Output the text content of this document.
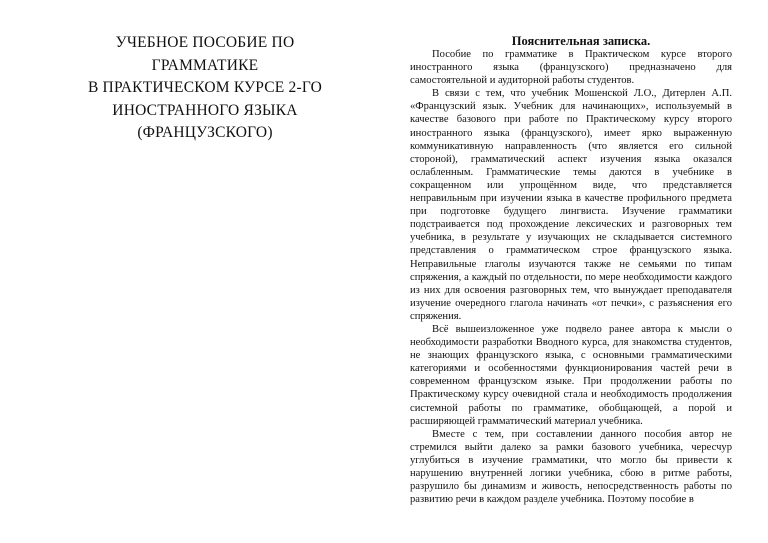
УЧЕБНОЕ ПОСОБИЕ ПО
ГРАММАТИКЕ
В ПРАКТИЧЕСКОМ КУРСЕ 2-ГО
ИНОСТРАННОГО ЯЗЫКА
(ФРАНЦУЗСКОГО)
Пояснительная записка.

Пособие по грамматике в Практическом курсе второго иностранного языка (французского) предназначено для самостоятельной и аудиторной работы студентов.

В связи с тем, что учебник Мошенской Л.О., Дитерлен А.П. «Французский язык. Учебник для начинающих», используемый в качестве базового при работе по Практическому курсу второго иностранного языка (французского), имеет ярко выраженную коммуникативную направленность (что является его сильной стороной), грамматический аспект изучения языка оказался ослабленным. Грамматические темы даются в учебнике в сокращенном или упрощённом виде, что представляется неправильным при изучении языка в качестве профильного предмета при подготовке будущего лингвиста. Изучение грамматики подстраивается под прохождение лексических и разговорных тем учебника, в результате у изучающих не складывается системного представления о грамматическом строе французского языка. Неправильные глаголы изучаются также не семьями по типам спряжения, а каждый по отдельности, по мере необходимости каждого из них для освоения разговорных тем, что вынуждает преподавателя изучение очередного глагола начинать «от печки», с разъяснения его спряжения.

Всё вышеизложенное уже подвело ранее автора к мысли о необходимости разработки Вводного курса, для знакомства студентов, не знающих французского языка, с основными грамматическими категориями и особенностями функционирования частей речи в современном французском языке. При продолжении работы по Практическому курсу очевидной стала и необходимость продолжения системной работы по грамматике, обобщающей, а порой и расширяющей грамматический материал учебника.

Вместе с тем, при составлении данного пособия автор не стремился выйти далеко за рамки базового учебника, чересчур углубиться в изучение грамматики, что могло бы привести к нарушению внутренней логики учебника, сбою в ритме работы, разрушило бы динамизм и живость, непосредственность работы по развитию речи в каждом разделе учебника. Поэтому пособие в
